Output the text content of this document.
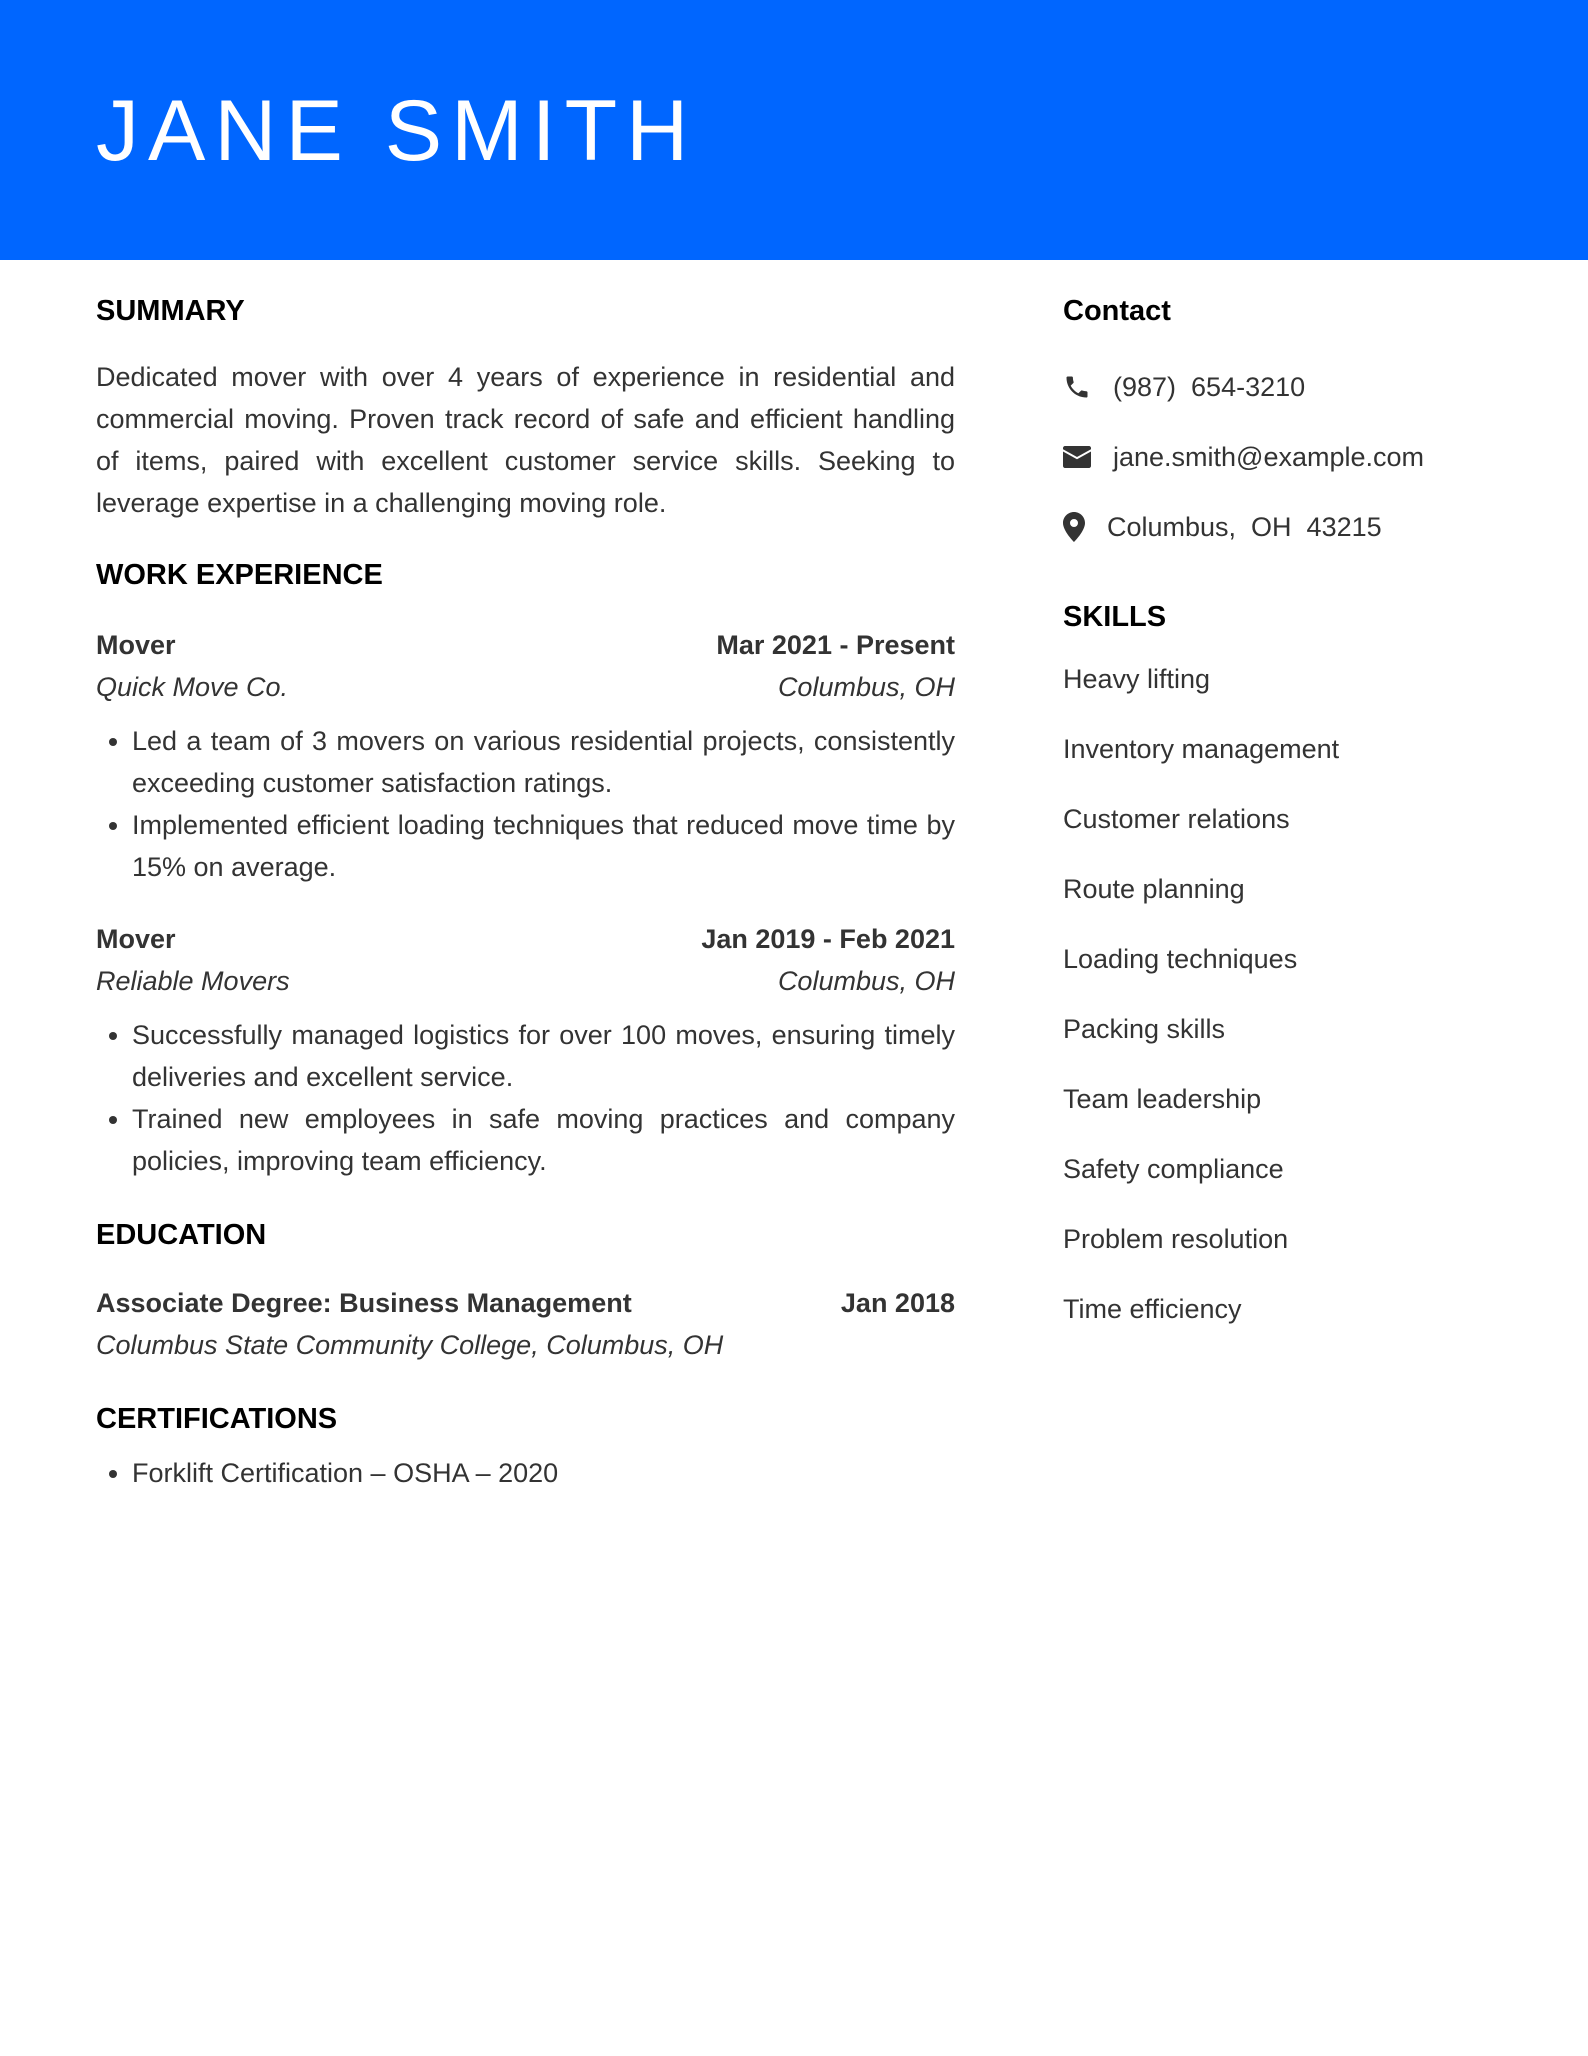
JANE SMITH
SUMMARY

Dedicated mover with over 4 years of experience in residential and commercial moving. Proven track record of safe and efficient handling of items, paired with excellent customer service skills. Seeking to leverage expertise in a challenging moving role.

WORK EXPERIENCE
Mover	Mar 2021 - Present
Quick Move Co.	Columbus, OH
• Led a team of 3 movers on various residential projects, consistently exceeding customer satisfaction ratings.
• Implemented efficient loading techniques that reduced move time by 15% on average.
Mover	Jan 2019 - Feb 2021
Reliable Movers	Columbus, OH
• Successfully managed logistics for over 100 moves, ensuring timely deliveries and excellent service.
• Trained new employees in safe moving practices and company policies, improving team efficiency.
EDUCATION
Associate Degree: Business Management	Jan 2018
Columbus State Community College, Columbus, OH
CERTIFICATIONS
• Forklift Certification – OSHA – 2020
Contact
(987)  654-3210
jane.smith@example.com
Columbus,  OH  43215
SKILLS
Heavy lifting
Inventory management
Customer relations
Route planning
Loading techniques
Packing skills
Team leadership
Safety compliance
Problem resolution
Time efficiency
